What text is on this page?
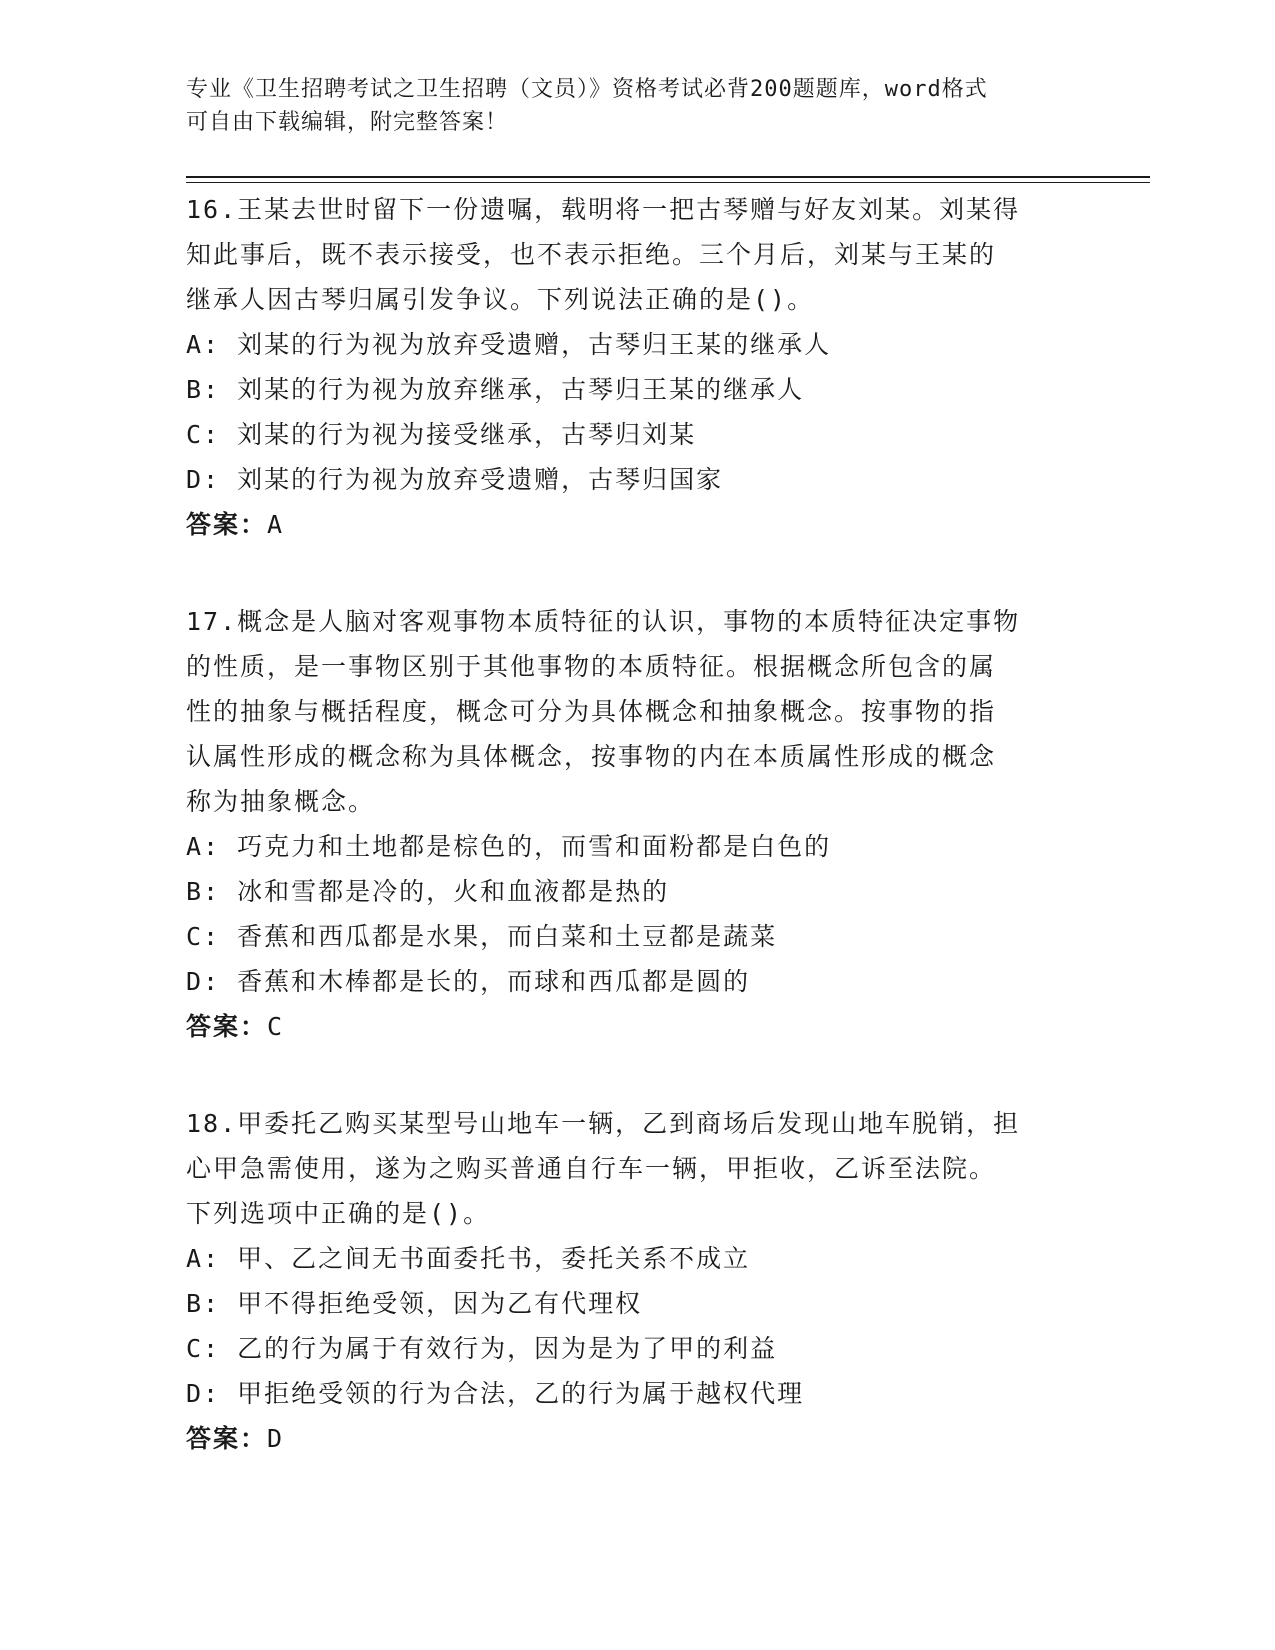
专业《卫生招聘考试之卫生招聘（文员）》资格考试必背200题题库，word格式
可自由下载编辑，附完整答案！
16.王某去世时留下一份遗嘱，载明将一把古琴赠与好友刘某。刘某得
知此事后，既不表示接受，也不表示拒绝。三个月后，刘某与王某的
继承人因古琴归属引发争议。下列说法正确的是()。
A: 刘某的行为视为放弃受遗赠，古琴归王某的继承人
B: 刘某的行为视为放弃继承，古琴归王某的继承人
C: 刘某的行为视为接受继承，古琴归刘某
D: 刘某的行为视为放弃受遗赠，古琴归国家
答案：A
17.概念是人脑对客观事物本质特征的认识，事物的本质特征决定事物
的性质，是一事物区别于其他事物的本质特征。根据概念所包含的属
性的抽象与概括程度，概念可分为具体概念和抽象概念。按事物的指
认属性形成的概念称为具体概念，按事物的内在本质属性形成的概念
称为抽象概念。
A: 巧克力和土地都是棕色的，而雪和面粉都是白色的
B: 冰和雪都是冷的，火和血液都是热的
C: 香蕉和西瓜都是水果，而白菜和土豆都是蔬菜
D: 香蕉和木棒都是长的，而球和西瓜都是圆的
答案：C
18.甲委托乙购买某型号山地车一辆，乙到商场后发现山地车脱销，担
心甲急需使用，遂为之购买普通自行车一辆，甲拒收，乙诉至法院。
下列选项中正确的是()。
A: 甲、乙之间无书面委托书，委托关系不成立
B: 甲不得拒绝受领，因为乙有代理权
C: 乙的行为属于有效行为，因为是为了甲的利益
D: 甲拒绝受领的行为合法，乙的行为属于越权代理
答案：D
